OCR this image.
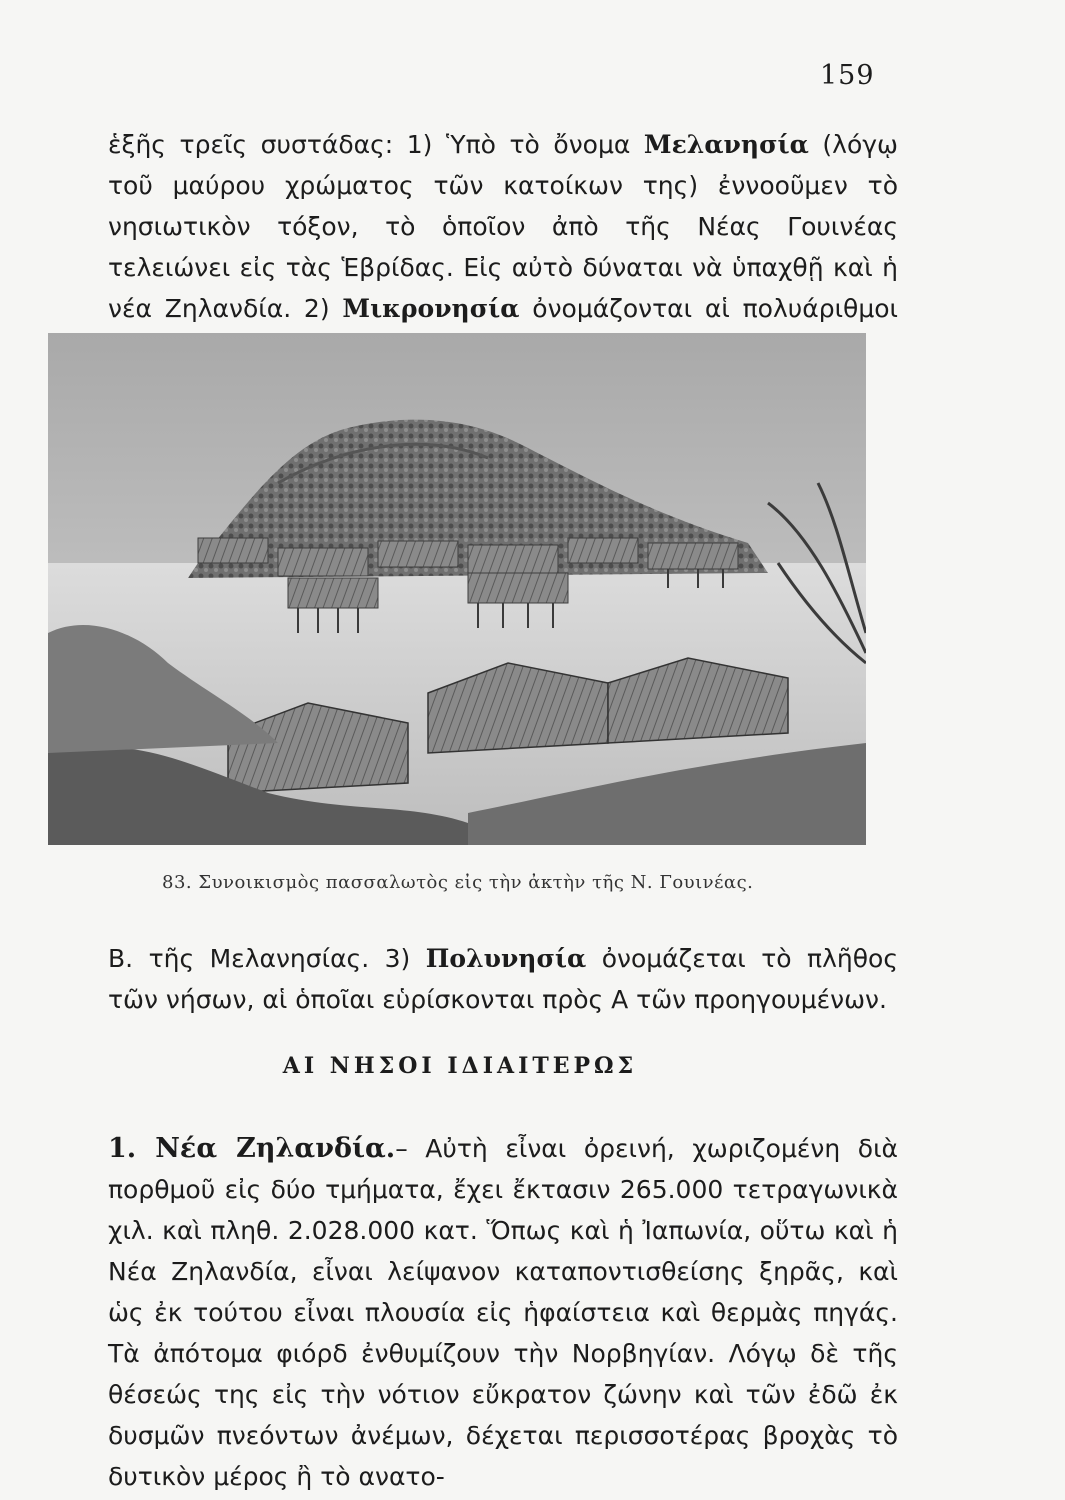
159
ἑξῆς τρεῖς συστάδας: 1) Ὑπὸ τὸ ὄνομα Μελανησία (λόγῳ τοῦ μαύρου χρώματος τῶν κατοίκων της) ἐννοοῦμεν τὸ νησιωτικὸν τόξον, τὸ ὁποῖον ἀπὸ τῆς Νέας Γουινέας τελειώνει εἰς τὰς Ἑβρίδας. Εἰς αὐτὸ δύναται νὰ ὑπαχθῇ καὶ ἡ νέα Ζηλανδία. 2) Μικρονησία ὀνομάζονται αἱ πολυάριθμοι
83. Συνοικισμὸς πασσαλωτὸς εἰς τὴν ἀκτὴν τῆς Ν. Γουινέας.
Β. τῆς Μελανησίας. 3) Πολυνησία ὀνομάζεται τὸ πλῆθος τῶν νήσων, αἱ ὁποῖαι εὑρίσκονται πρὸς Α τῶν προηγουμένων.
ΑΙ ΝΗΣΟΙ ΙΔΙΑΙΤΕΡΩΣ
1. Νέα Ζηλανδία.– Αὐτὴ εἶναι ὀρεινή, χωριζομένη διὰ πορθμοῦ εἰς δύο τμήματα, ἔχει ἔκτασιν 265.000 τετραγωνικὰ χιλ. καὶ πληθ. 2.028.000 κατ. Ὅπως καὶ ἡ Ἰαπωνία, οὕτω καὶ ἡ Νέα Ζηλανδία, εἶναι λείψανον καταποντισθείσης ξηρᾶς, καὶ ὡς ἐκ τούτου εἶναι πλουσία εἰς ἡφαίστεια καὶ θερμὰς πηγάς. Τὰ ἀπότομα φιόρδ ἐνθυμίζουν τὴν Νορβηγίαν. Λόγῳ δὲ τῆς θέσεώς της εἰς τὴν νότιον εὔκρατον ζώνην καὶ τῶν ἐδῶ ἐκ δυσμῶν πνεόντων ἀνέμων, δέχεται περισσοτέρας βροχὰς τὸ δυτικὸν μέρος ἢ τὸ ανατο-
